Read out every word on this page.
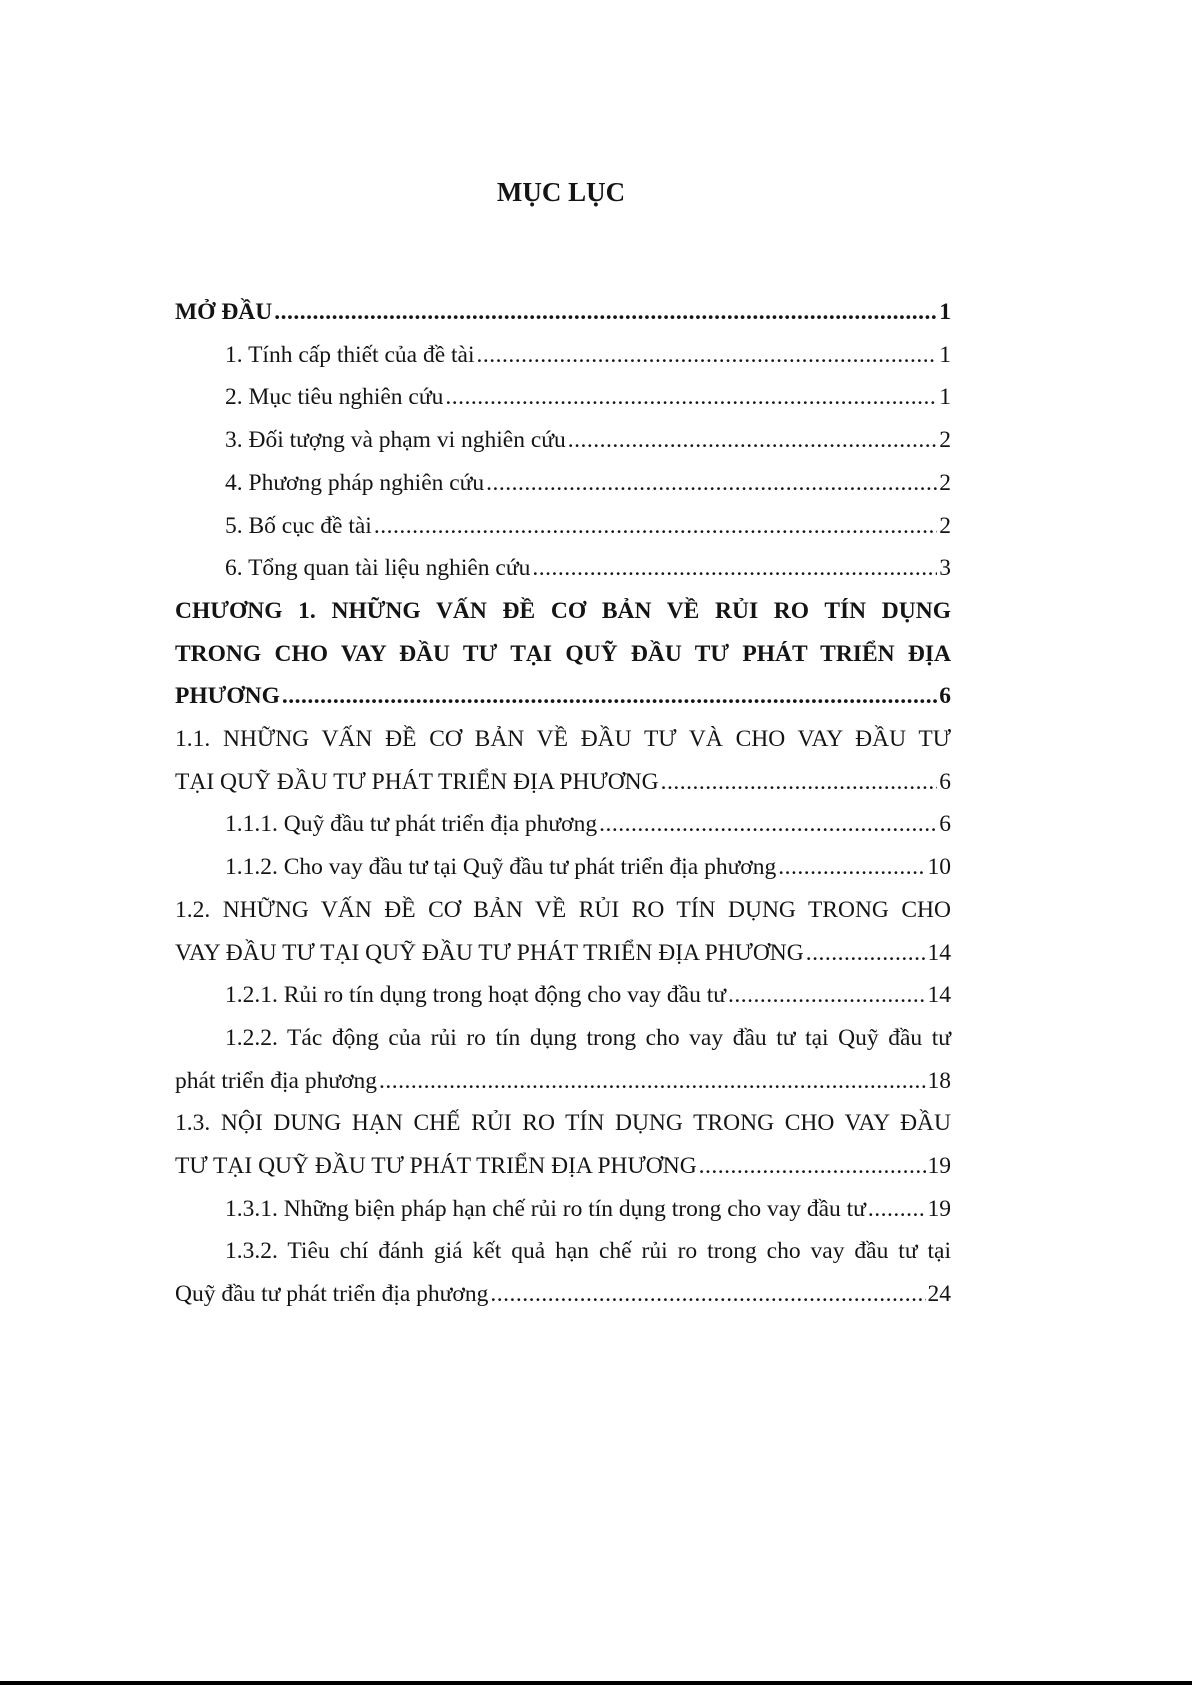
MỤC LỤC
MỞ ĐẦU .....	1
1. Tính cấp thiết của đề tài .....	1
2. Mục tiêu nghiên cứu .....	1
3. Đối tượng và phạm vi nghiên cứu .....	2
4. Phương pháp nghiên cứu .....	2
5. Bố cục đề tài .....	2
6. Tổng quan tài liệu nghiên cứu .....	3
CHƯƠNG 1. NHỮNG VẤN ĐỀ CƠ BẢN VỀ RỦI RO TÍN DỤNG
TRONG CHO VAY ĐẦU TƯ TẠI QUỸ ĐẦU TƯ PHÁT TRIỂN ĐỊA
PHƯƠNG .....	6
1.1. NHỮNG VẤN ĐỀ CƠ BẢN VỀ ĐẦU TƯ VÀ CHO VAY ĐẦU TƯ
TẠI QUỸ ĐẦU TƯ PHÁT TRIỂN ĐỊA PHƯƠNG .....	6
1.1.1. Quỹ đầu tư phát triển địa phương .....	6
1.1.2. Cho vay đầu tư tại Quỹ đầu tư phát triển địa phương .....	10
1.2. NHỮNG VẤN ĐỀ CƠ BẢN VỀ RỦI RO TÍN DỤNG TRONG CHO
VAY ĐẦU TƯ TẠI QUỸ ĐẦU TƯ PHÁT TRIỂN ĐỊA PHƯƠNG .....	14
1.2.1. Rủi ro tín dụng trong hoạt động cho vay đầu tư .....	14
1.2.2. Tác động của rủi ro tín dụng trong cho vay đầu tư tại Quỹ đầu tư
phát triển địa phương .....	18
1.3. NỘI DUNG HẠN CHẾ RỦI RO TÍN DỤNG TRONG CHO VAY ĐẦU
TƯ TẠI QUỸ ĐẦU TƯ PHÁT TRIỂN ĐỊA PHƯƠNG .....	19
1.3.1. Những biện pháp hạn chế rủi ro tín dụng trong cho vay đầu tư .....	19
1.3.2. Tiêu chí đánh giá kết quả hạn chế rủi ro trong cho vay đầu tư tại
Quỹ đầu tư phát triển địa phương .....	24
